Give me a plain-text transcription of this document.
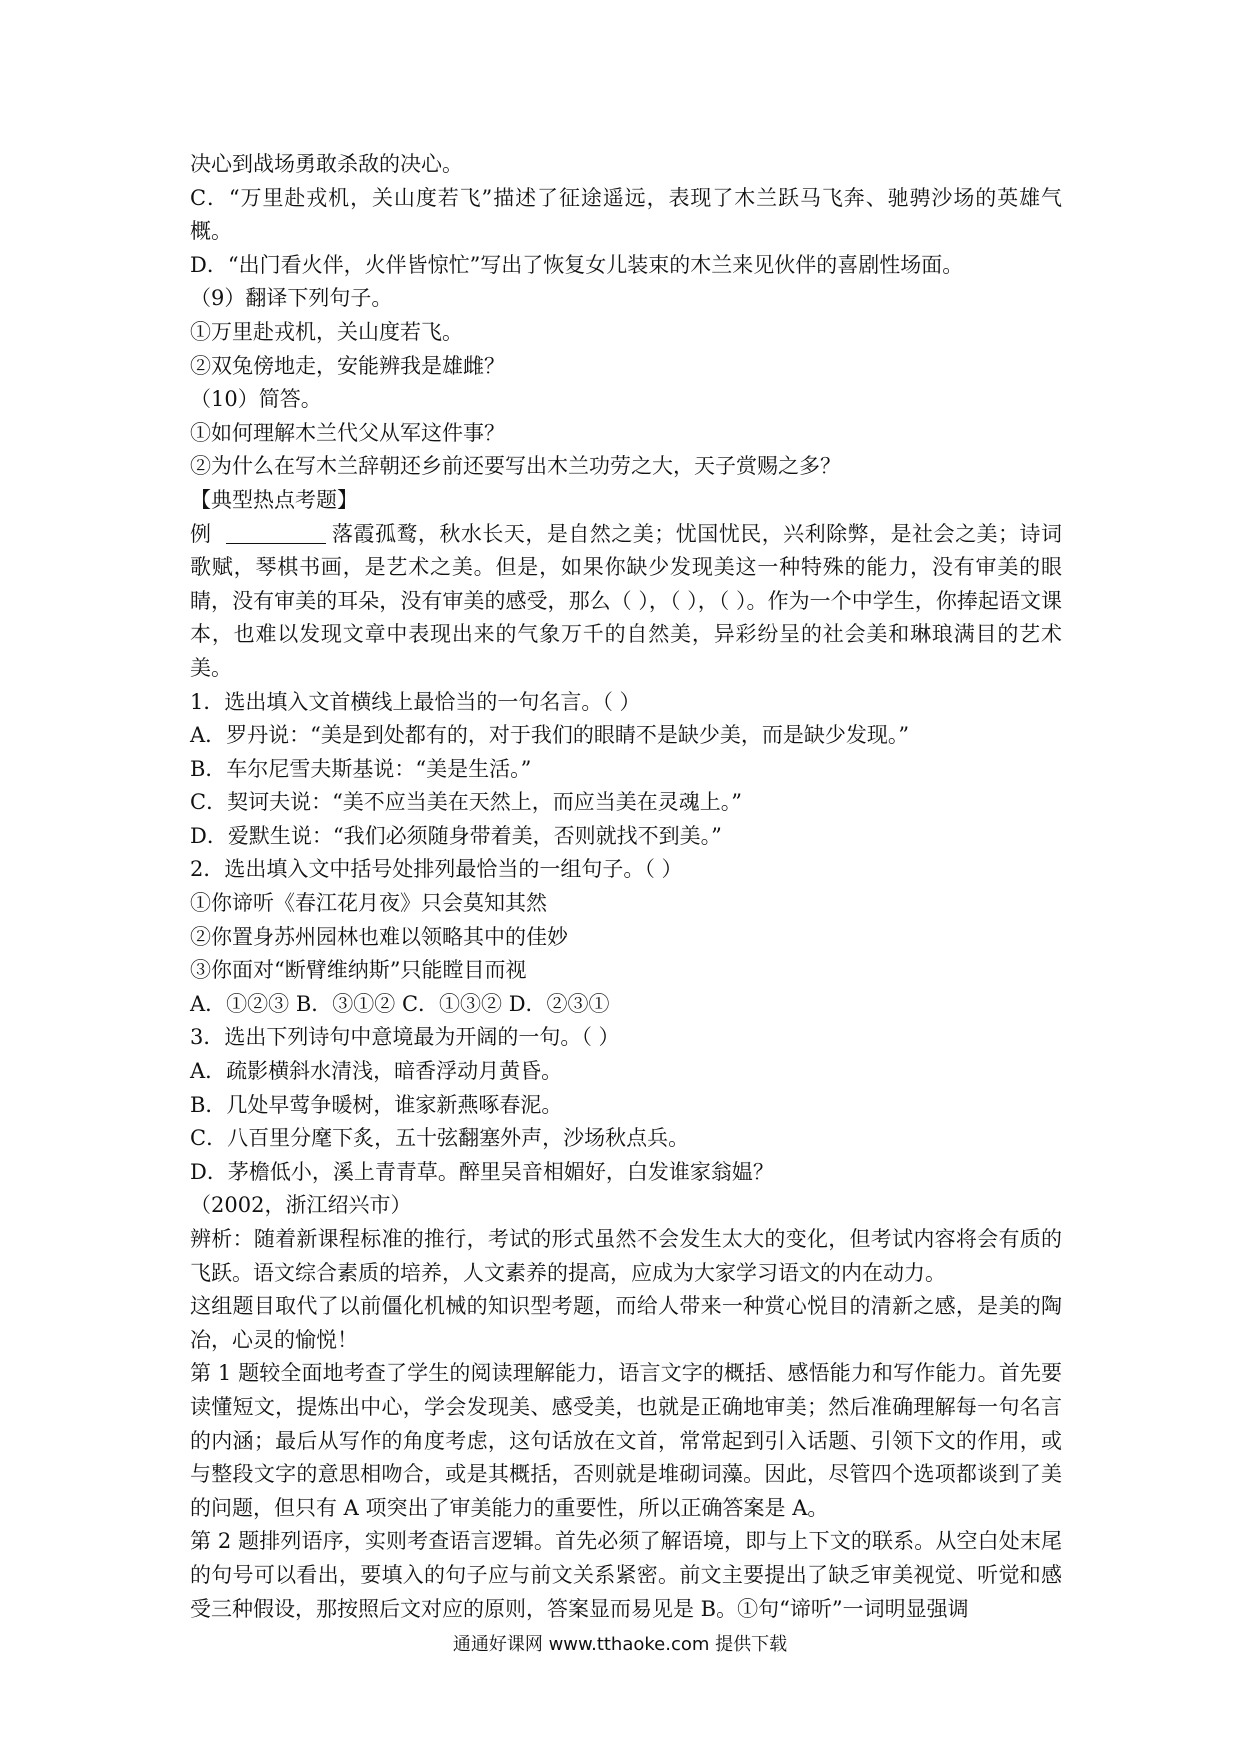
决心到战场勇敢杀敌的决心。

C．“万里赴戎机，关山度若飞”描述了征途遥远，表现了木兰跃马飞奔、驰骋沙场的英雄气概。

D．“出门看火伴，火伴皆惊忙”写出了恢复女儿装束的木兰来见伙伴的喜剧性场面。

（9）翻译下列句子。

①万里赴戎机，关山度若飞。

②双兔傍地走，安能辨我是雄雌？

（10）简答。

①如何理解木兰代父从军这件事？

②为什么在写木兰辞朝还乡前还要写出木兰功劳之大，天子赏赐之多？

【典型热点考题】

例	落霞孤鹜，秋水长天，是自然之美；忧国忧民，兴利除弊，是社会之美；诗词歌赋，琴棋书画，是艺术之美。但是，如果你缺少发现美这一种特殊的能力，没有审美的眼睛，没有审美的耳朵，没有审美的感受，那么（ ），（ ），（ ）。作为一个中学生，你捧起语文课本，也难以发现文章中表现出来的气象万千的自然美，异彩纷呈的社会美和琳琅满目的艺术美。

1．选出填入文首横线上最恰当的一句名言。（ ）

A．罗丹说：“美是到处都有的，对于我们的眼睛不是缺少美，而是缺少发现。”

B．车尔尼雪夫斯基说：“美是生活。”

C．契诃夫说：“美不应当美在天然上，而应当美在灵魂上。”

D．爱默生说：“我们必须随身带着美，否则就找不到美。”

2．选出填入文中括号处排列最恰当的一组句子。（ ）

①你谛听《春江花月夜》只会莫知其然

②你置身苏州园林也难以领略其中的佳妙

③你面对“断臂维纳斯”只能瞠目而视

A．①②③ B．③①② C．①③② D．②③①

3．选出下列诗句中意境最为开阔的一句。（ ）

A．疏影横斜水清浅，暗香浮动月黄昏。

B．几处早莺争暖树，谁家新燕啄春泥。

C．八百里分麾下炙，五十弦翻塞外声，沙场秋点兵。

D．茅檐低小，溪上青青草。醉里吴音相媚好，白发谁家翁媪？

（2002，浙江绍兴市）

辨析：随着新课程标准的推行，考试的形式虽然不会发生太大的变化，但考试内容将会有质的飞跃。语文综合素质的培养，人文素养的提高，应成为大家学习语文的内在动力。

这组题目取代了以前僵化机械的知识型考题，而给人带来一种赏心悦目的清新之感，是美的陶冶，心灵的愉悦！

第 1 题较全面地考查了学生的阅读理解能力，语言文字的概括、感悟能力和写作能力。首先要读懂短文，提炼出中心，学会发现美、感受美，也就是正确地审美；然后准确理解每一句名言的内涵；最后从写作的角度考虑，这句话放在文首，常常起到引入话题、引领下文的作用，或与整段文字的意思相吻合，或是其概括，否则就是堆砌词藻。因此，尽管四个选项都谈到了美的问题，但只有 A 项突出了审美能力的重要性，所以正确答案是 A。

第 2 题排列语序，实则考查语言逻辑。首先必须了解语境，即与上下文的联系。从空白处末尾的句号可以看出，要填入的句子应与前文关系紧密。前文主要提出了缺乏审美视觉、听觉和感受三种假设，那按照后文对应的原则，答案显而易见是 B。①句“谛听”一词明显强调

通通好课网 www.tthaoke.com 提供下载
